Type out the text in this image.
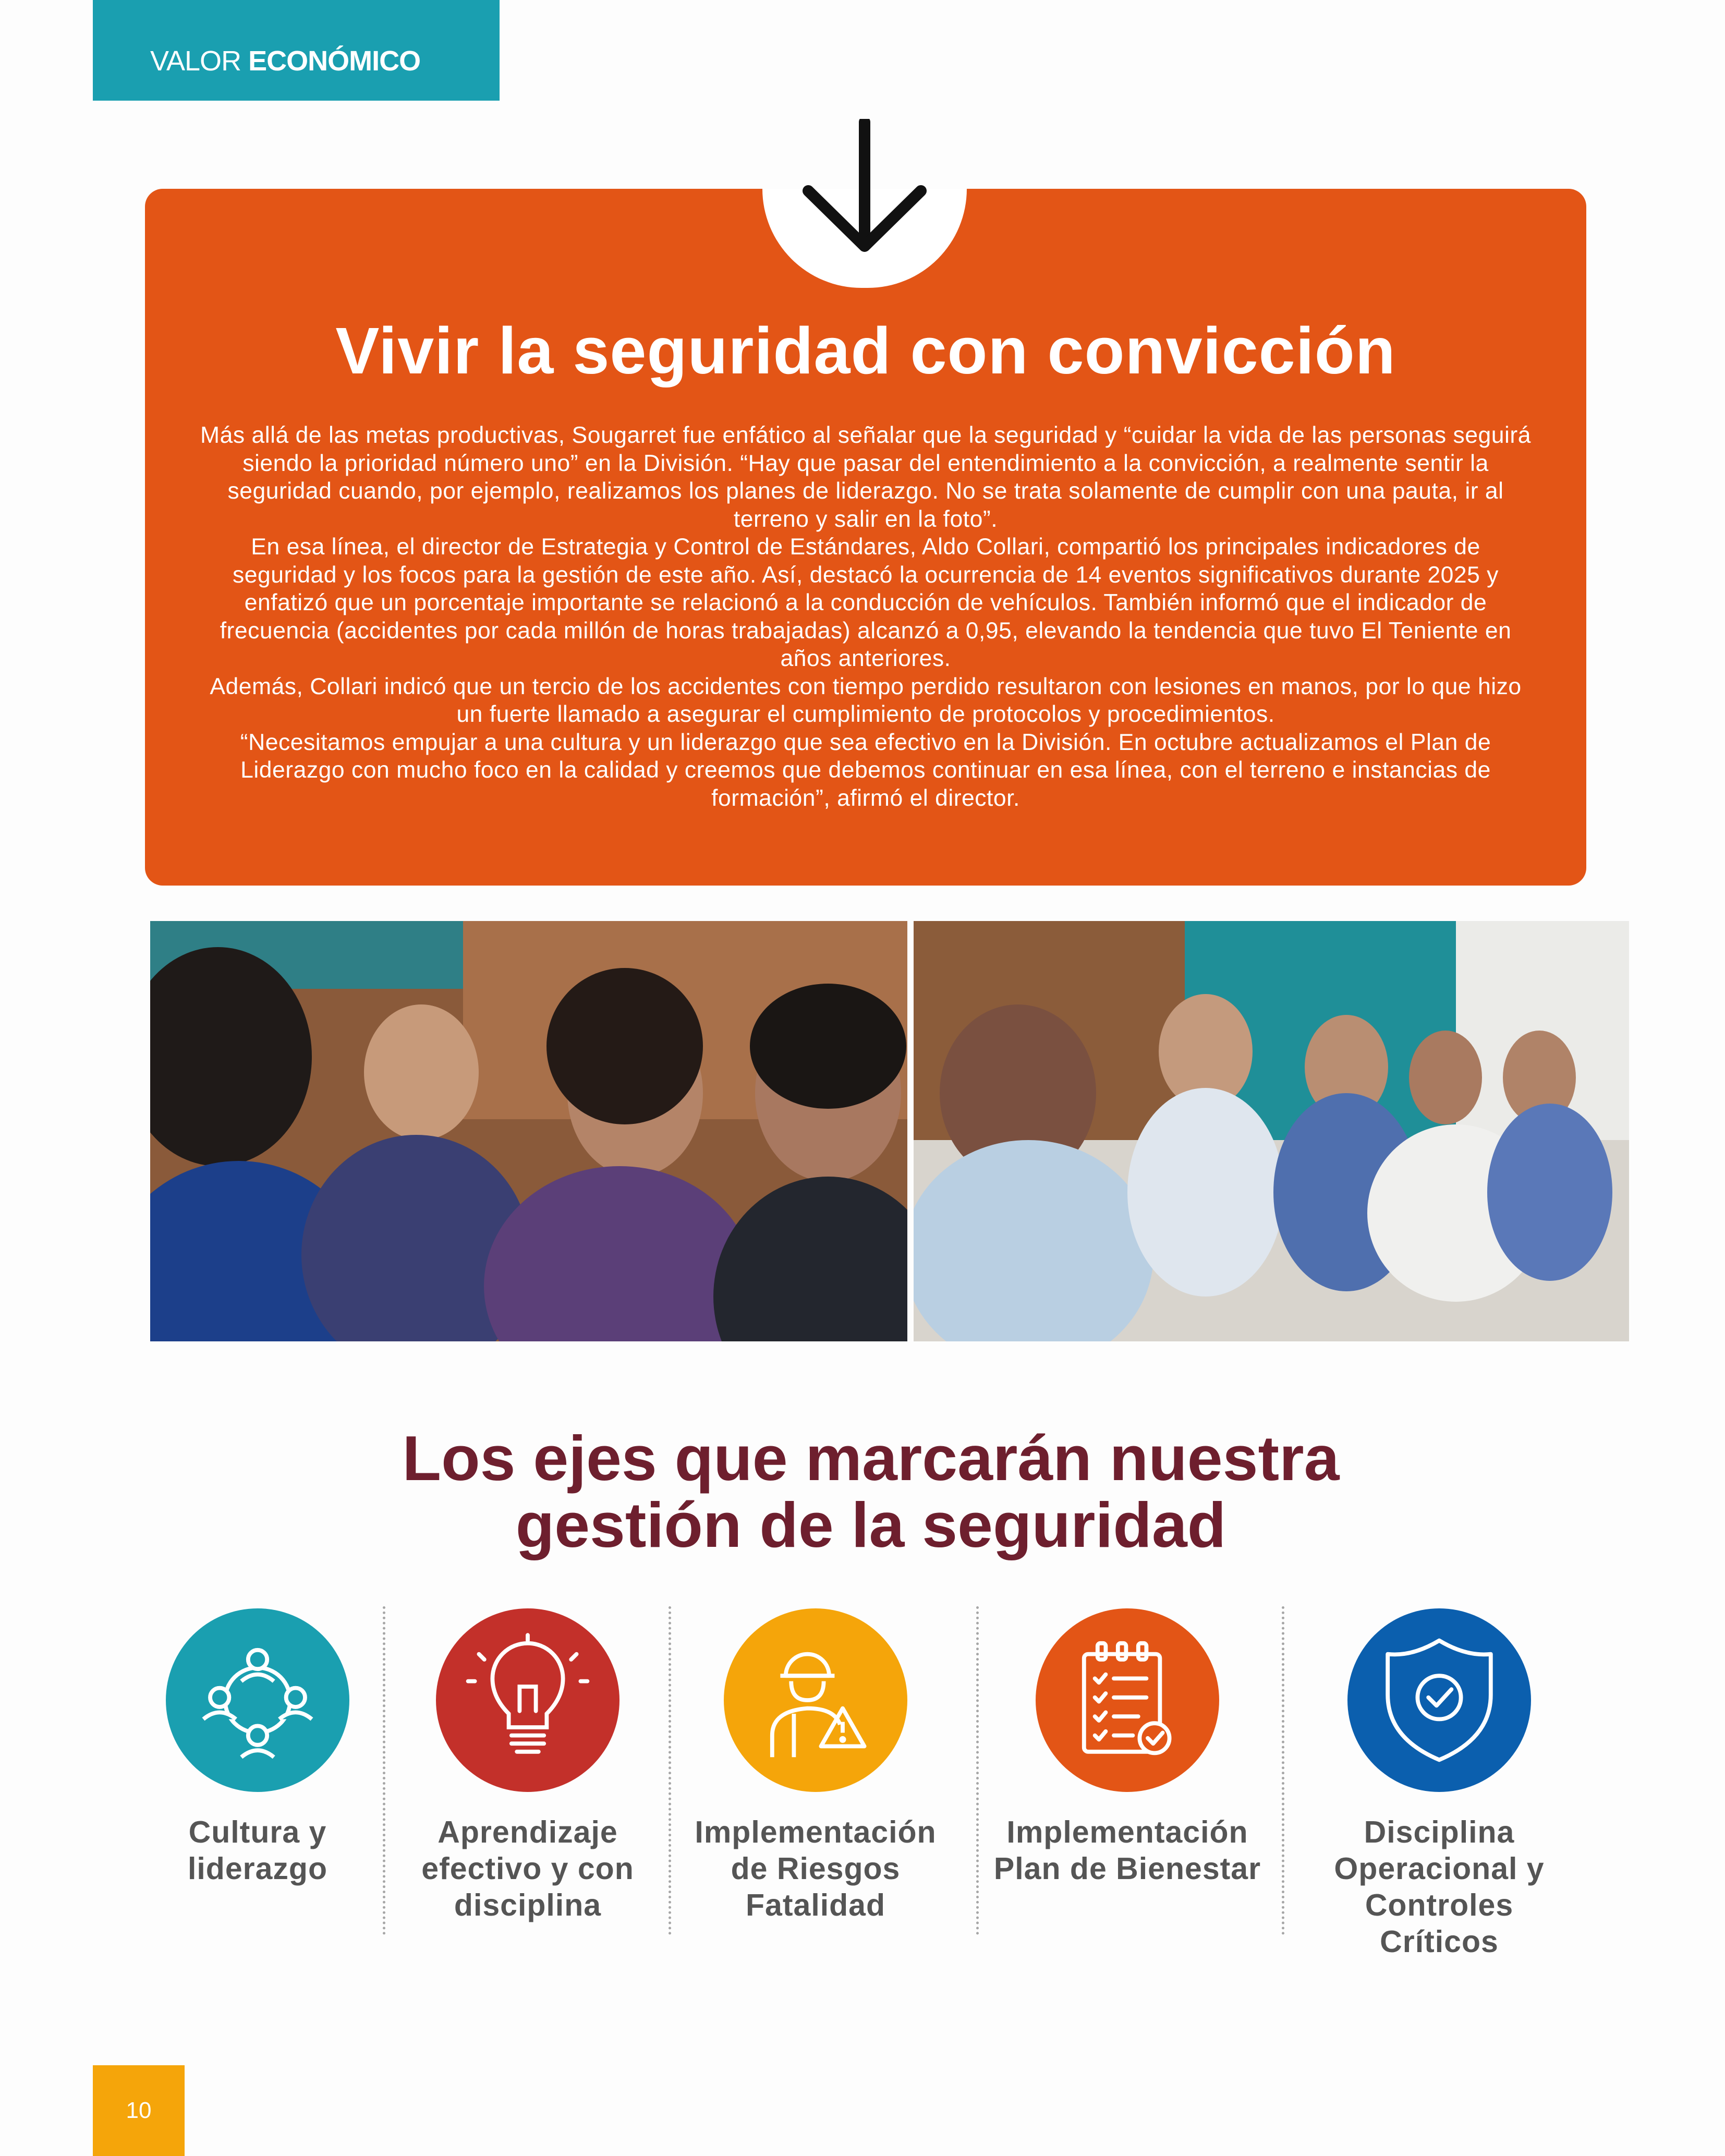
VALOR ECONÓMICO
Vivir la seguridad con convicción

Más allá de las metas productivas, Sougarret fue enfático al señalar que la seguridad y “cuidar la vida de las personas seguirá siendo la prioridad número uno” en la División. “Hay que pasar del entendimiento a la convicción, a realmente sentir la seguridad cuando, por ejemplo, realizamos los planes de liderazgo. No se trata solamente de cumplir con una pauta, ir al terreno y salir en la foto”.

En esa línea, el director de Estrategia y Control de Estándares, Aldo Collari, compartió los principales indicadores de seguridad y los focos para la gestión de este año. Así, destacó la ocurrencia de 14 eventos significativos durante 2025 y enfatizó que un porcentaje importante se relacionó a la conducción de vehículos. También informó que el indicador de frecuencia (accidentes por cada millón de horas trabajadas) alcanzó a 0,95, elevando la tendencia que tuvo El Teniente en años anteriores.

Además, Collari indicó que un tercio de los accidentes con tiempo perdido resultaron con lesiones en manos, por lo que hizo un fuerte llamado a asegurar el cumplimiento de protocolos y procedimientos.

“Necesitamos empujar a una cultura y un liderazgo que sea efectivo en la División. En octubre actualizamos el Plan de Liderazgo con mucho foco en la calidad y creemos que debemos continuar en esa línea, con el terreno e instancias de formación”, afirmó el director.

Los ejes que marcarán nuestra
gestión de la seguridad
Cultura y liderazgo
Aprendizaje efectivo y con disciplina
Implementación de Riesgos Fatalidad
Implementación Plan de Bienestar
Disciplina Operacional y Controles Críticos
10
